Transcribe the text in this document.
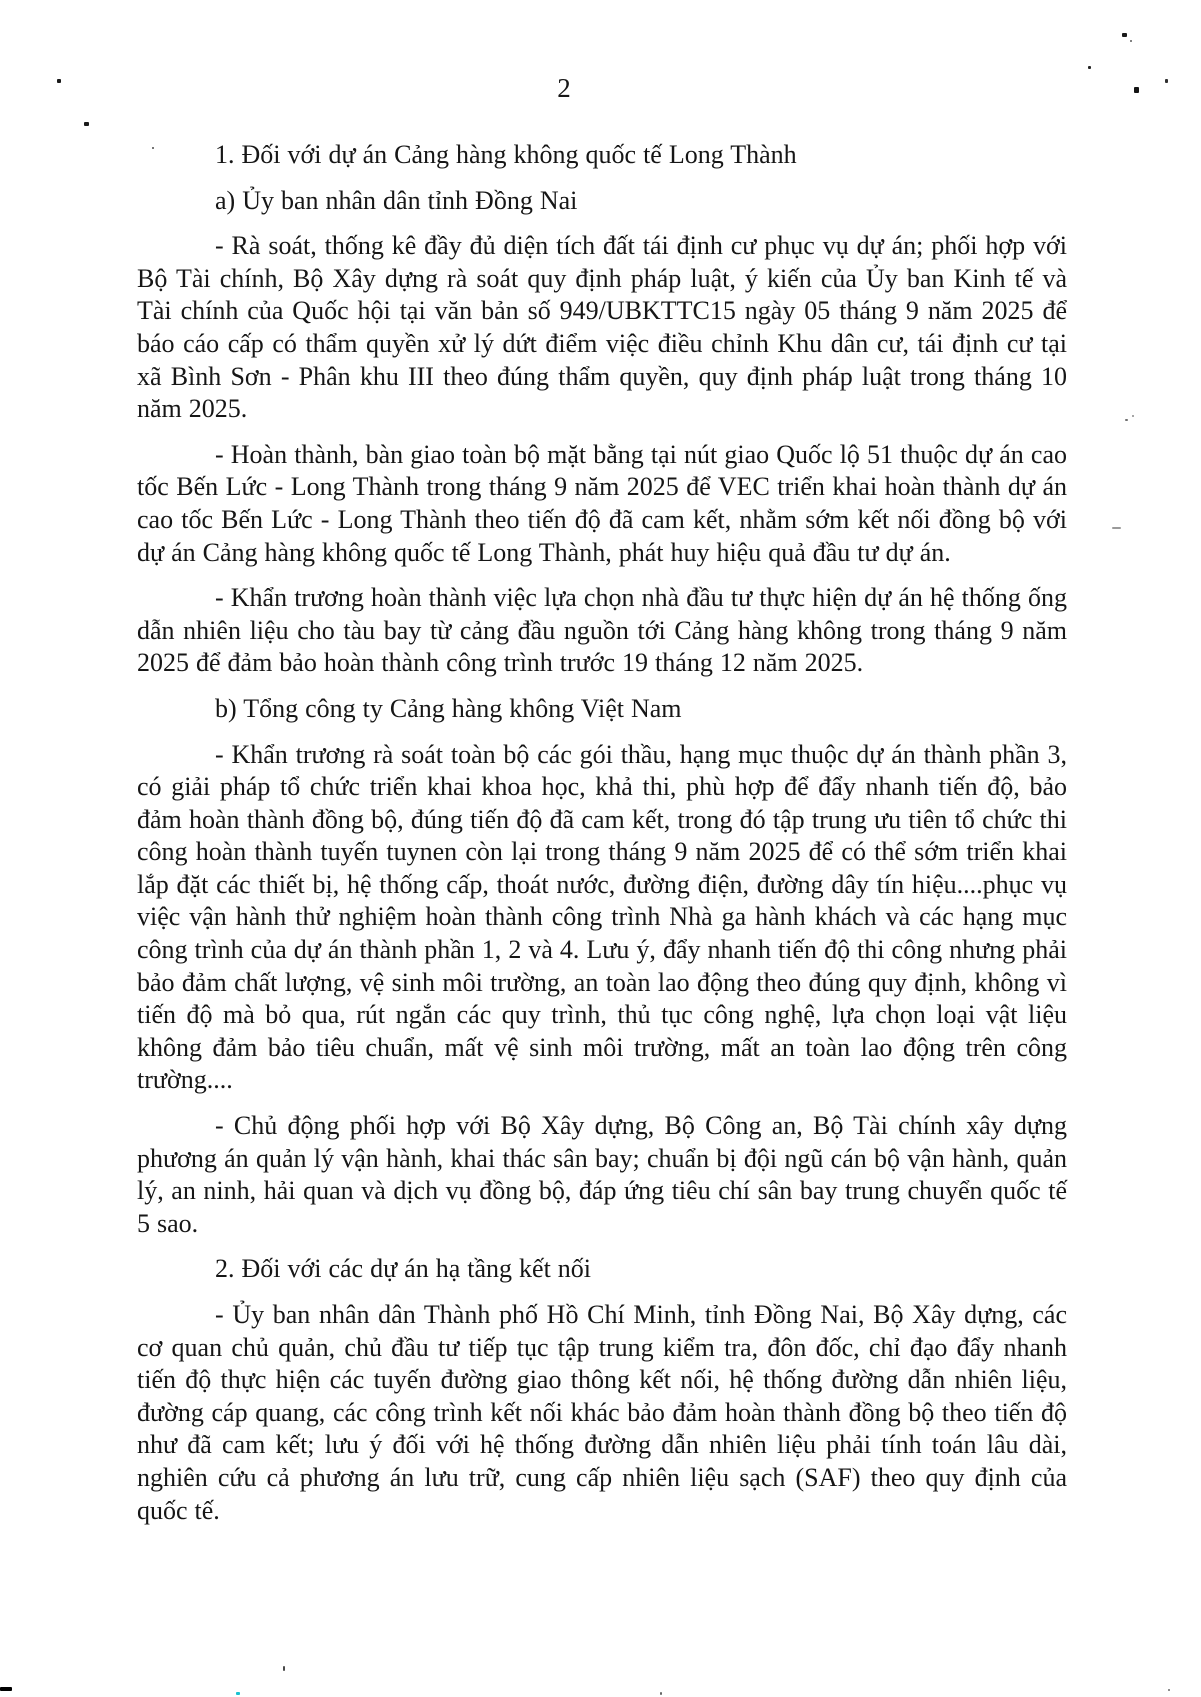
2

1. Đối với dự án Cảng hàng không quốc tế Long Thành

a) Ủy ban nhân dân tỉnh Đồng Nai

- Rà soát, thống kê đầy đủ diện tích đất tái định cư phục vụ dự án; phối hợp với Bộ Tài chính, Bộ Xây dựng rà soát quy định pháp luật, ý kiến của Ủy ban Kinh tế và Tài chính của Quốc hội tại văn bản số 949/UBKTTC15 ngày 05 tháng 9 năm 2025 để báo cáo cấp có thẩm quyền xử lý dứt điểm việc điều chỉnh Khu dân cư, tái định cư tại xã Bình Sơn - Phân khu III theo đúng thẩm quyền, quy định pháp luật trong tháng 10 năm 2025.

- Hoàn thành, bàn giao toàn bộ mặt bằng tại nút giao Quốc lộ 51 thuộc dự án cao tốc Bến Lức - Long Thành trong tháng 9 năm 2025 để VEC triển khai hoàn thành dự án cao tốc Bến Lức - Long Thành theo tiến độ đã cam kết, nhằm sớm kết nối đồng bộ với dự án Cảng hàng không quốc tế Long Thành, phát huy hiệu quả đầu tư dự án.

- Khẩn trương hoàn thành việc lựa chọn nhà đầu tư thực hiện dự án hệ thống ống dẫn nhiên liệu cho tàu bay từ cảng đầu nguồn tới Cảng hàng không trong tháng 9 năm 2025 để đảm bảo hoàn thành công trình trước 19 tháng 12 năm 2025.

b) Tổng công ty Cảng hàng không Việt Nam

- Khẩn trương rà soát toàn bộ các gói thầu, hạng mục thuộc dự án thành phần 3, có giải pháp tổ chức triển khai khoa học, khả thi, phù hợp để đẩy nhanh tiến độ, bảo đảm hoàn thành đồng bộ, đúng tiến độ đã cam kết, trong đó tập trung ưu tiên tổ chức thi công hoàn thành tuyến tuynen còn lại trong tháng 9 năm 2025 để có thể sớm triển khai lắp đặt các thiết bị, hệ thống cấp, thoát nước, đường điện, đường dây tín hiệu....phục vụ việc vận hành thử nghiệm hoàn thành công trình Nhà ga hành khách và các hạng mục công trình của dự án thành phần 1, 2 và 4. Lưu ý, đẩy nhanh tiến độ thi công nhưng phải bảo đảm chất lượng, vệ sinh môi trường, an toàn lao động theo đúng quy định, không vì tiến độ mà bỏ qua, rút ngắn các quy trình, thủ tục công nghệ, lựa chọn loại vật liệu không đảm bảo tiêu chuẩn, mất vệ sinh môi trường, mất an toàn lao động trên công trường....

- Chủ động phối hợp với Bộ Xây dựng, Bộ Công an, Bộ Tài chính xây dựng phương án quản lý vận hành, khai thác sân bay; chuẩn bị đội ngũ cán bộ vận hành, quản lý, an ninh, hải quan và dịch vụ đồng bộ, đáp ứng tiêu chí sân bay trung chuyển quốc tế 5 sao.

2. Đối với các dự án hạ tầng kết nối

- Ủy ban nhân dân Thành phố Hồ Chí Minh, tỉnh Đồng Nai, Bộ Xây dựng, các cơ quan chủ quản, chủ đầu tư tiếp tục tập trung kiểm tra, đôn đốc, chỉ đạo đẩy nhanh tiến độ thực hiện các tuyến đường giao thông kết nối, hệ thống đường dẫn nhiên liệu, đường cáp quang, các công trình kết nối khác bảo đảm hoàn thành đồng bộ theo tiến độ như đã cam kết; lưu ý đối với hệ thống đường dẫn nhiên liệu phải tính toán lâu dài, nghiên cứu cả phương án lưu trữ, cung cấp nhiên liệu sạch (SAF) theo quy định của quốc tế.
